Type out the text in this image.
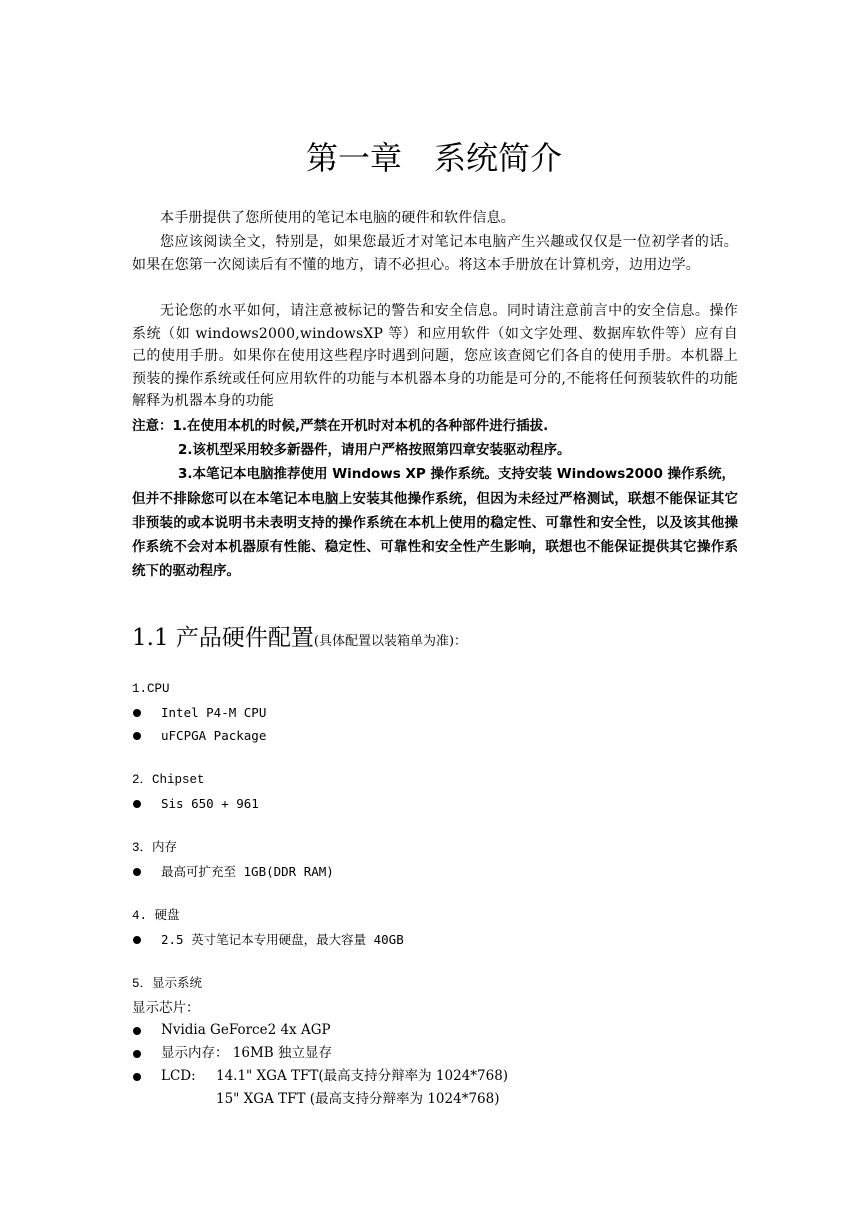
第一章 系统简介
本手册提供了您所使用的笔记本电脑的硬件和软件信息。
您应该阅读全文，特别是，如果您最近才对笔记本电脑产生兴趣或仅仅是一位初学者的话。如果在您第一次阅读后有不懂的地方，请不必担心。将这本手册放在计算机旁，边用边学。
无论您的水平如何，请注意被标记的警告和安全信息。同时请注意前言中的安全信息。操作系统（如 windows2000,windowsXP 等）和应用软件（如文字处理、数据库软件等）应有自己的使用手册。如果你在使用这些程序时遇到问题，您应该查阅它们各自的使用手册。本机器上预装的操作系统或任何应用软件的功能与本机器本身的功能是可分的,不能将任何预装软件的功能解释为机器本身的功能
注意：1.在使用本机的时候,严禁在开机时对本机的各种部件进行插拔.
2.该机型采用较多新器件，请用户严格按照第四章安装驱动程序。
3.本笔记本电脑推荐使用 Windows XP 操作系统。支持安装 Windows2000 操作系统，
但并不排除您可以在本笔记本电脑上安装其他操作系统，但因为未经过严格测试，联想不能保证其它非预装的或本说明书未表明支持的操作系统在本机上使用的稳定性、可靠性和安全性，以及该其他操作系统不会对本机器原有性能、稳定性、可靠性和安全性产生影响，联想也不能保证提供其它操作系统下的驱动程序。
1.1 产品硬件配置(具体配置以装箱单为准)：
1.CPU
Intel P4-M CPU
uFCPGA Package
2．Chipset
Sis 650 + 961
3．内存
最高可扩充至 1GB(DDR RAM)
4. 硬盘
2.5 英寸笔记本专用硬盘，最大容量 40GB
5．显示系统
显示芯片：
Nvidia GeForce2 4x AGP
显示内存： 16MB 独立显存
LCD: 14.1" XGA TFT(最高支持分辩率为 1024*768)
15" XGA TFT (最高支持分辩率为 1024*768)
